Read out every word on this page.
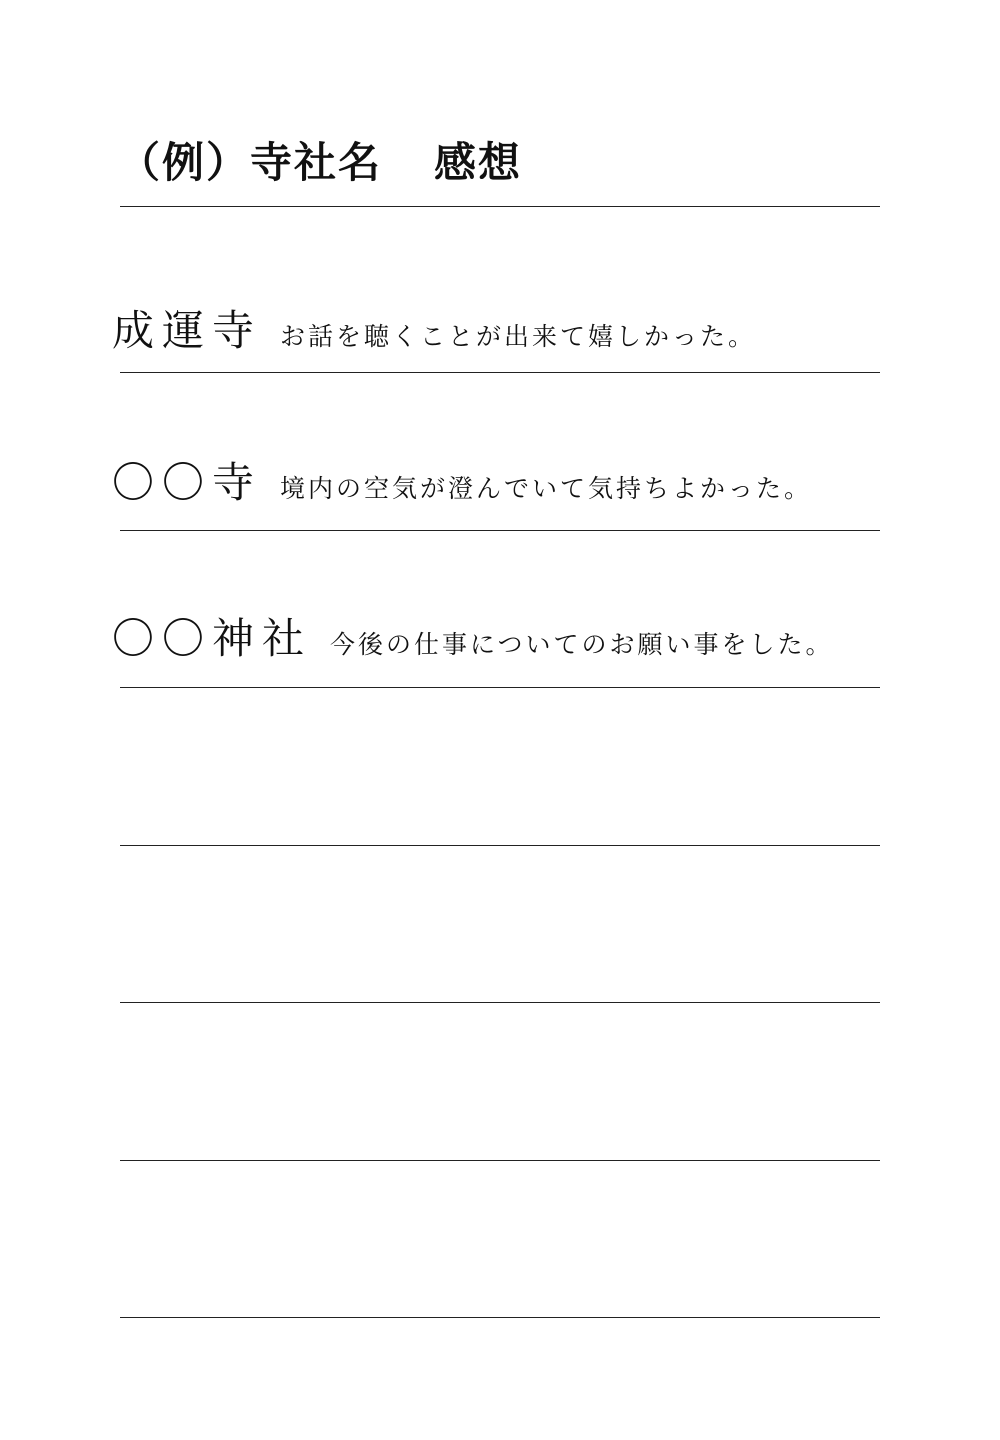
（例）寺社名 感想
成運寺 お話を聴くことが出来て嬉しかった。
〇〇寺 境内の空気が澄んでいて気持ちよかった。
〇〇神社 今後の仕事についてのお願い事をした。
